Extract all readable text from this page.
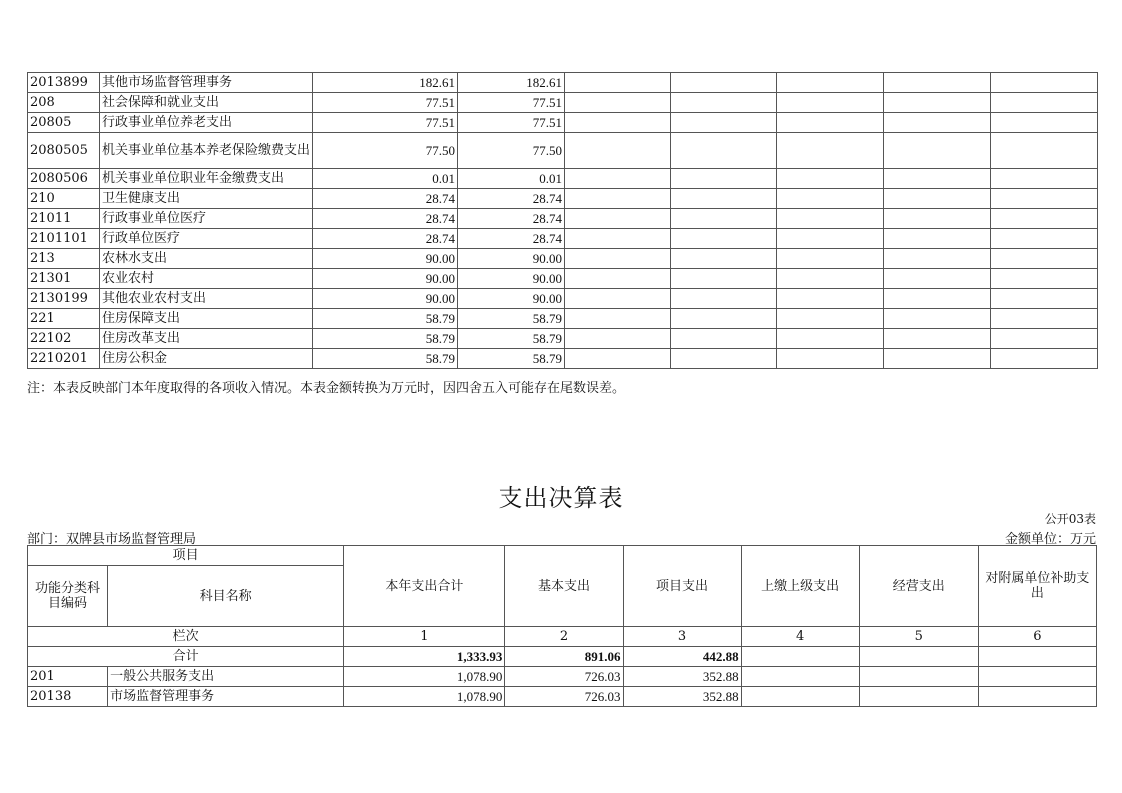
2013899	其他市场监督管理事务	182.61	182.61					
208	社会保障和就业支出	77.51	77.51					
20805	行政事业单位养老支出	77.51	77.51					
2080505	机关事业单位基本养老保险缴费支出	77.50	77.50					
2080506	机关事业单位职业年金缴费支出	0.01	0.01					
210	卫生健康支出	28.74	28.74					
21011	行政事业单位医疗	28.74	28.74					
2101101	行政单位医疗	28.74	28.74					
213	农林水支出	90.00	90.00					
21301	农业农村	90.00	90.00					
2130199	其他农业农村支出	90.00	90.00					
221	住房保障支出	58.79	58.79					
22102	住房改革支出	58.79	58.79					
2210201	住房公积金	58.79	58.79					
注：本表反映部门本年度取得的各项收入情况。本表金额转换为万元时，因四舍五入可能存在尾数误差。
支出决算表
公开03表
部门：双牌县市场监督管理局	金额单位：万元
项目		本年支出合计	基本支出	项目支出	上缴上级支出	经营支出	对附属单位补助支出
功能分类科目编码	科目名称						
栏次		1	2	3	4	5	6
合计		1,333.93	891.06	442.88			
201	一般公共服务支出	1,078.90	726.03	352.88			
20138	市场监督管理事务	1,078.90	726.03	352.88			
